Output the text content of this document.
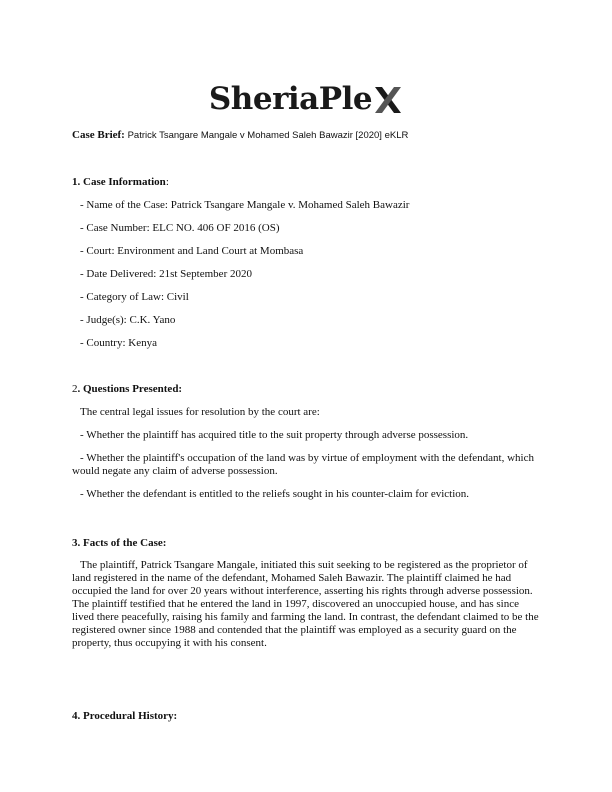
SheriaPle
Case Brief: Patrick Tsangare Mangale v Mohamed Saleh Bawazir [2020] eKLR
1. Case Information:
- Name of the Case: Patrick Tsangare Mangale v. Mohamed Saleh Bawazir
- Case Number: ELC NO. 406 OF 2016 (OS)
- Court: Environment and Land Court at Mombasa
- Date Delivered: 21st September 2020
- Category of Law: Civil
- Judge(s): C.K. Yano
- Country: Kenya
2. Questions Presented:
The central legal issues for resolution by the court are:
- Whether the plaintiff has acquired title to the suit property through adverse possession.
- Whether the plaintiff's occupation of the land was by virtue of employment with the defendant, which would negate any claim of adverse possession.
- Whether the defendant is entitled to the reliefs sought in his counter-claim for eviction.
3. Facts of the Case:
The plaintiff, Patrick Tsangare Mangale, initiated this suit seeking to be registered as the proprietor of land registered in the name of the defendant, Mohamed Saleh Bawazir. The plaintiff claimed he had occupied the land for over 20 years without interference, asserting his rights through adverse possession. The plaintiff testified that he entered the land in 1997, discovered an unoccupied house, and has since lived there peacefully, raising his family and farming the land. In contrast, the defendant claimed to be the registered owner since 1988 and contended that the plaintiff was employed as a security guard on the property, thus occupying it with his consent.
4. Procedural History:
